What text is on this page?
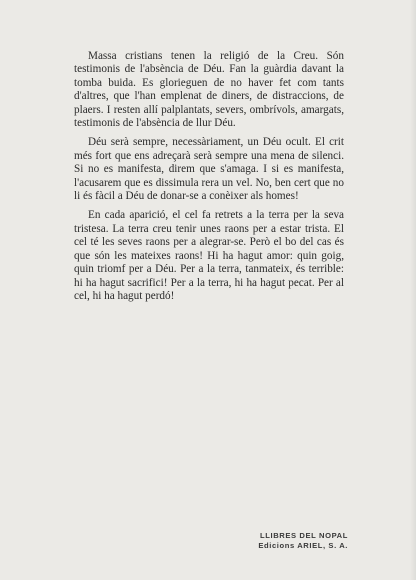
Massa cristians tenen la religió de la Creu. Són testimonis de l'absència de Déu. Fan la guàrdia davant la tomba buida. Es glorieguen de no haver fet com tants d'altres, que l'han emplenat de diners, de distraccions, de plaers. I resten allí palplantats, severs, ombrívols, amargats, testimonis de l'absència de llur Déu.

Déu serà sempre, necessàriament, un Déu ocult. El crit més fort que ens adreçarà serà sempre una mena de silenci. Si no es manifesta, direm que s'amaga. I si es manifesta, l'acusarem que es dissimula rera un vel. No, ben cert que no li és fàcil a Déu de donar-se a conèixer als homes!

En cada aparició, el cel fa retrets a la terra per la seva tristesa. La terra creu tenir unes raons per a estar trista. El cel té les seves raons per a alegrar-se. Però el bo del cas és que són les mateixes raons! Hi ha hagut amor: quin goig, quin triomf per a Déu. Per a la terra, tanmateix, és terrible: hi ha hagut sacrifici! Per a la terra, hi ha hagut pecat. Per al cel, hi ha hagut perdó!

LLIBRES DEL NOPAL
Edicions ARIEL, S. A.
